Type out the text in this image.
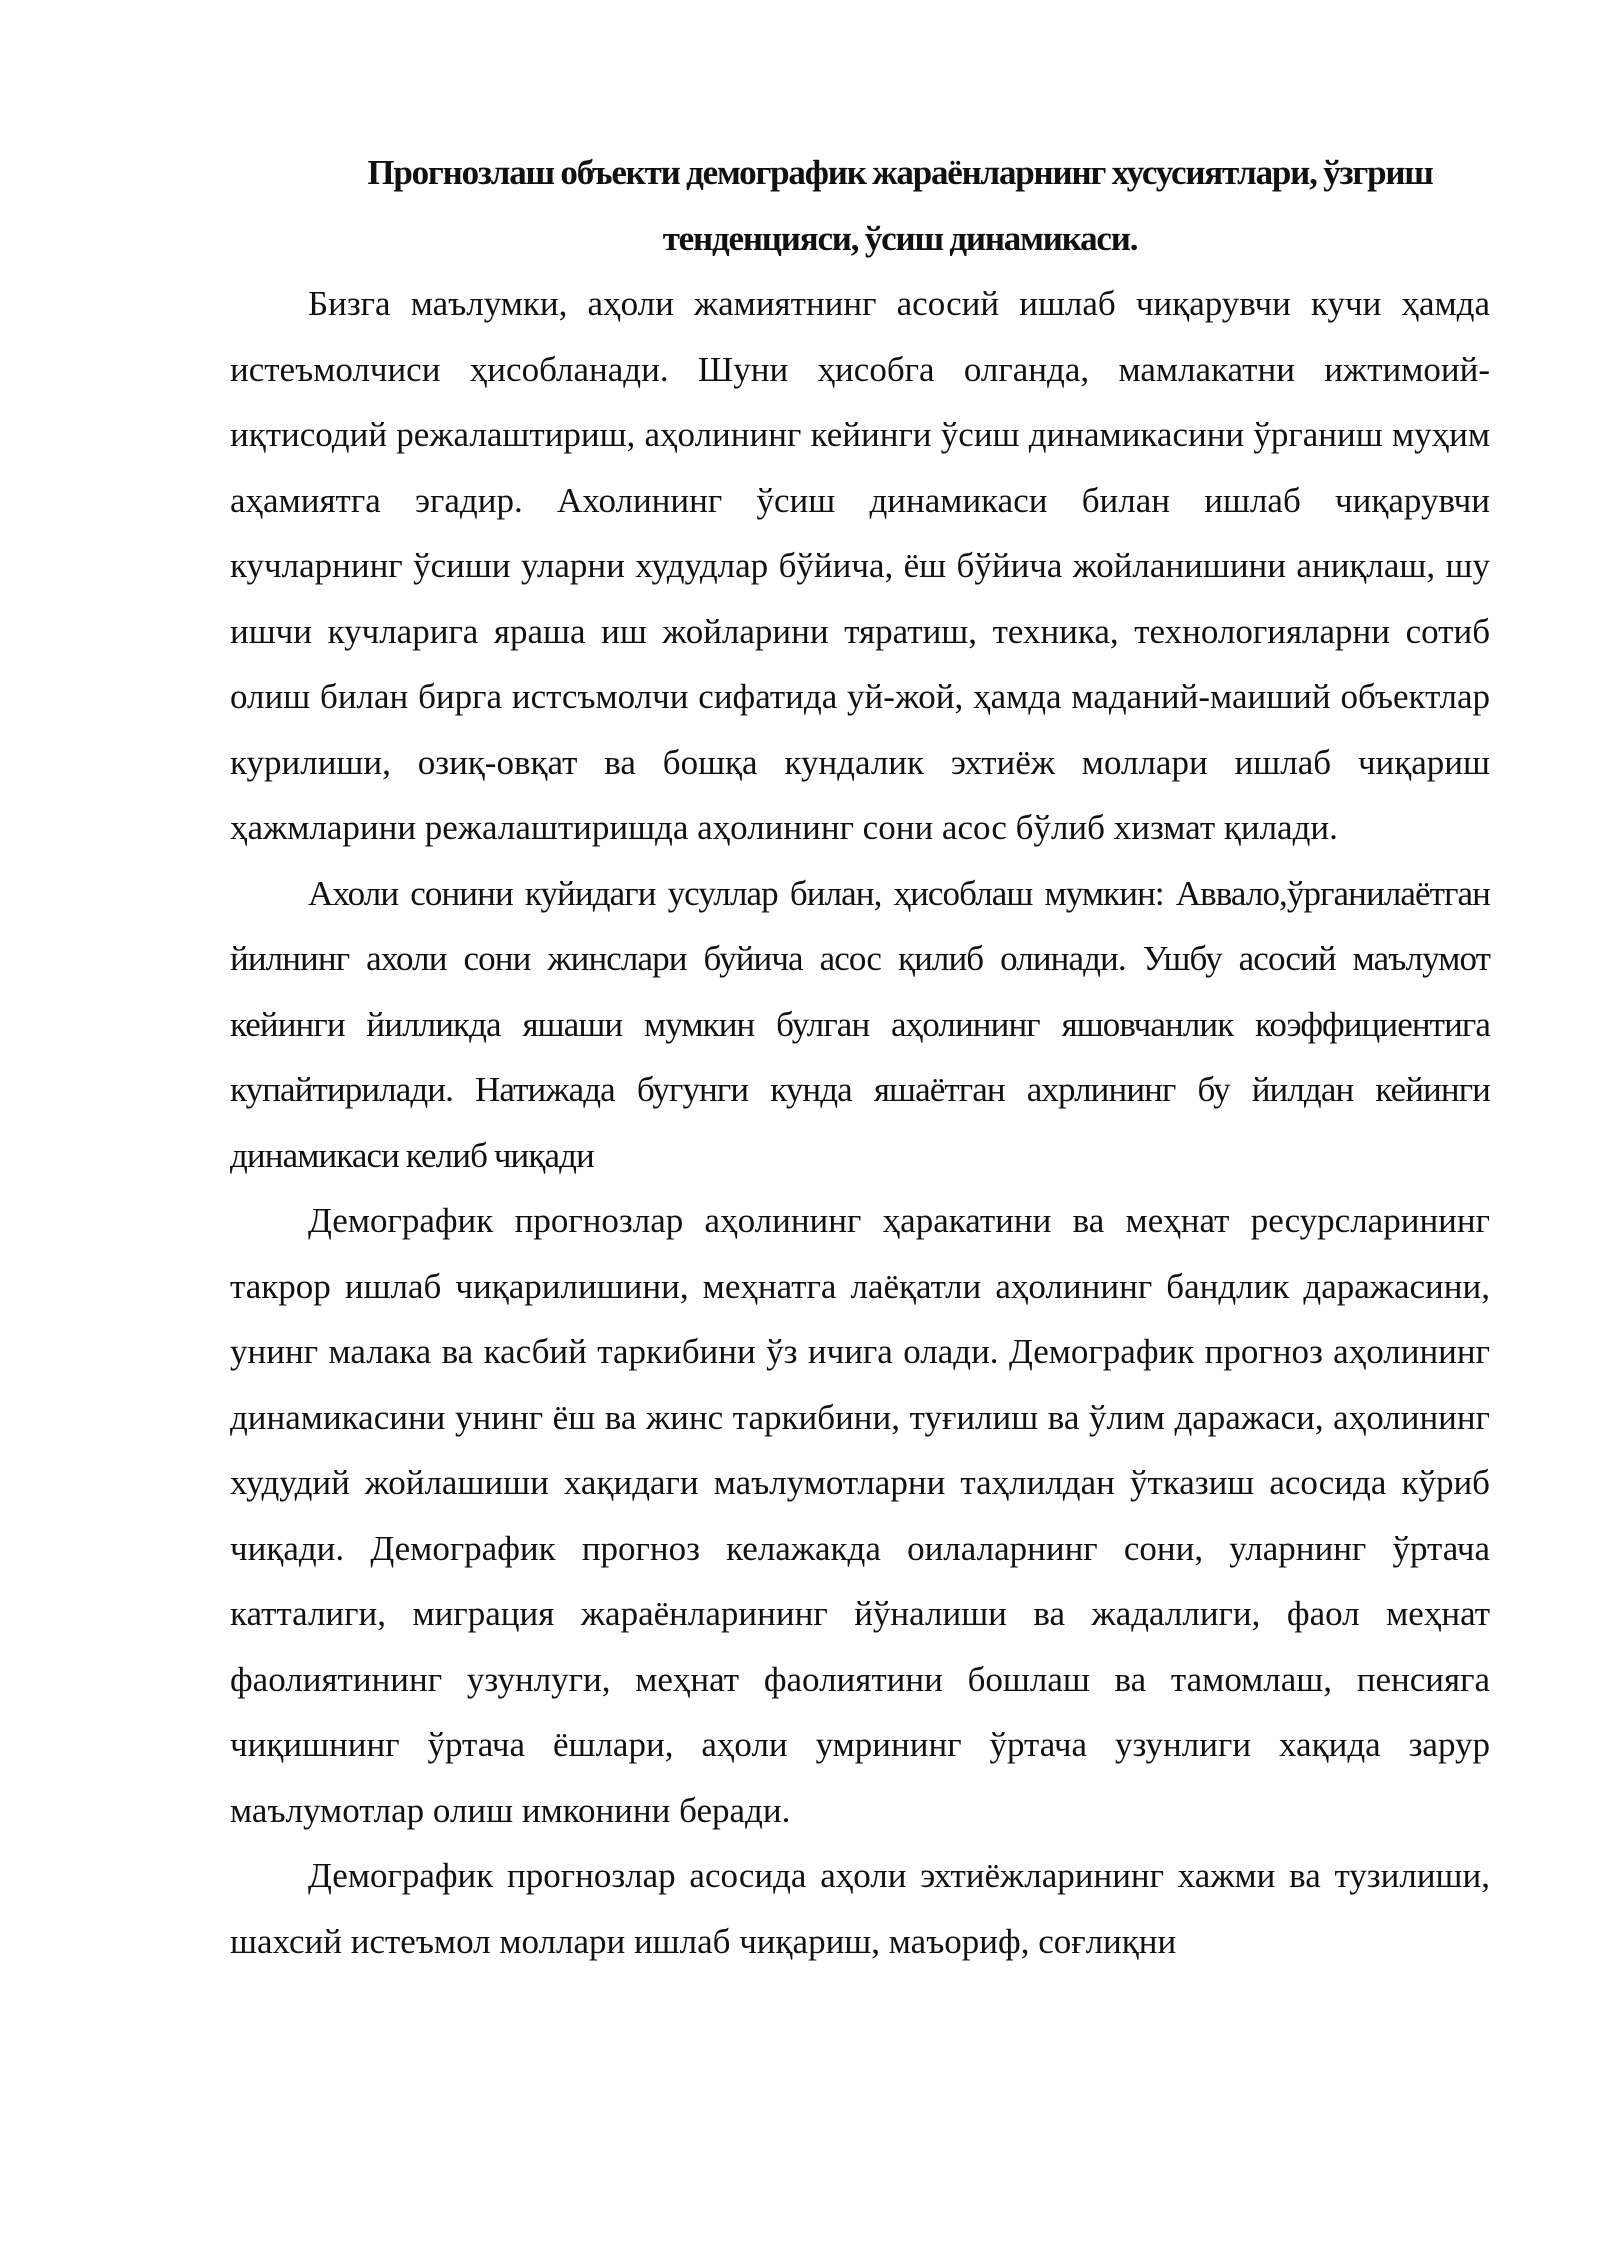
Прогнозлаш объекти демографик жараёнларнинг хусусиятлари, ўзгриш тенденцияси, ўсиш динамикаси.

Бизга маълумки, аҳоли жамиятнинг асосий ишлаб чиқарувчи кучи ҳамда истеъмолчиси ҳисобланади. Шуни ҳисобга олганда, мамлакатни ижтимоий-иқтисодий режалаштириш, аҳолининг кейинги ўсиш динамикасини ўрганиш муҳим аҳамиятга эгадир. Ахолининг ўсиш динамикаси билан ишлаб чиқарувчи кучларнинг ўсиши уларни худудлар бўйича, ёш бўйича жойланишини аниқлаш, шу ишчи кучларига яраша иш жойларини тяратиш, техника, технологияларни сотиб олиш билан бирга истсъмолчи сифатида уй-жой, ҳамда маданий-маиший объектлар курилиши, озиқ-овқат ва бошқа кундалик эхтиёж моллари ишлаб чиқариш ҳажмларини режалаштиришда аҳолининг сони асос бўлиб хизмат қилади.

Ахоли сонини куйидаги усуллар билан, ҳисоблаш мумкин: Аввало,ўрганилаётган йилнинг ахоли сони жинслари буйича асос қилиб олинади. Ушбу асосий маълумот кейинги йилликда яшаши мумкин булган аҳолининг яшовчанлик коэффициентига купайтирилади. Натижада бугунги кунда яшаётган ахрлининг бу йилдан кейинги динамикаси келиб чиқади

Демографик прогнозлар аҳолининг ҳаракатини ва меҳнат ресурсларининг такрор ишлаб чиқарилишини, меҳнатга лаёқатли аҳолининг бандлик даражасини, унинг малака ва касбий таркибини ўз ичига олади. Демографик прогноз аҳолининг динамикасини унинг ёш ва жинс таркибини, туғилиш ва ўлим даражаси, аҳолининг худудий жойлашиши хақидаги маълумотларни таҳлилдан ўтказиш асосида кўриб чиқади. Демографик прогноз келажакда оилаларнинг сони, уларнинг ўртача катталиги, миграция жараёнларининг йўналиши ва жадаллиги, фаол меҳнат фаолиятининг узунлуги, меҳнат фаолиятини бошлаш ва тамомлаш, пенсияга чиқишнинг ўртача ёшлари, аҳоли умрининг ўртача узунлиги хақида зарур маълумотлар олиш имконини беради.

Демографик прогнозлар асосида аҳоли эхтиёжларининг хажми ва тузилиши, шахсий истеъмол моллари ишлаб чиқариш, маъориф, соғлиқни
